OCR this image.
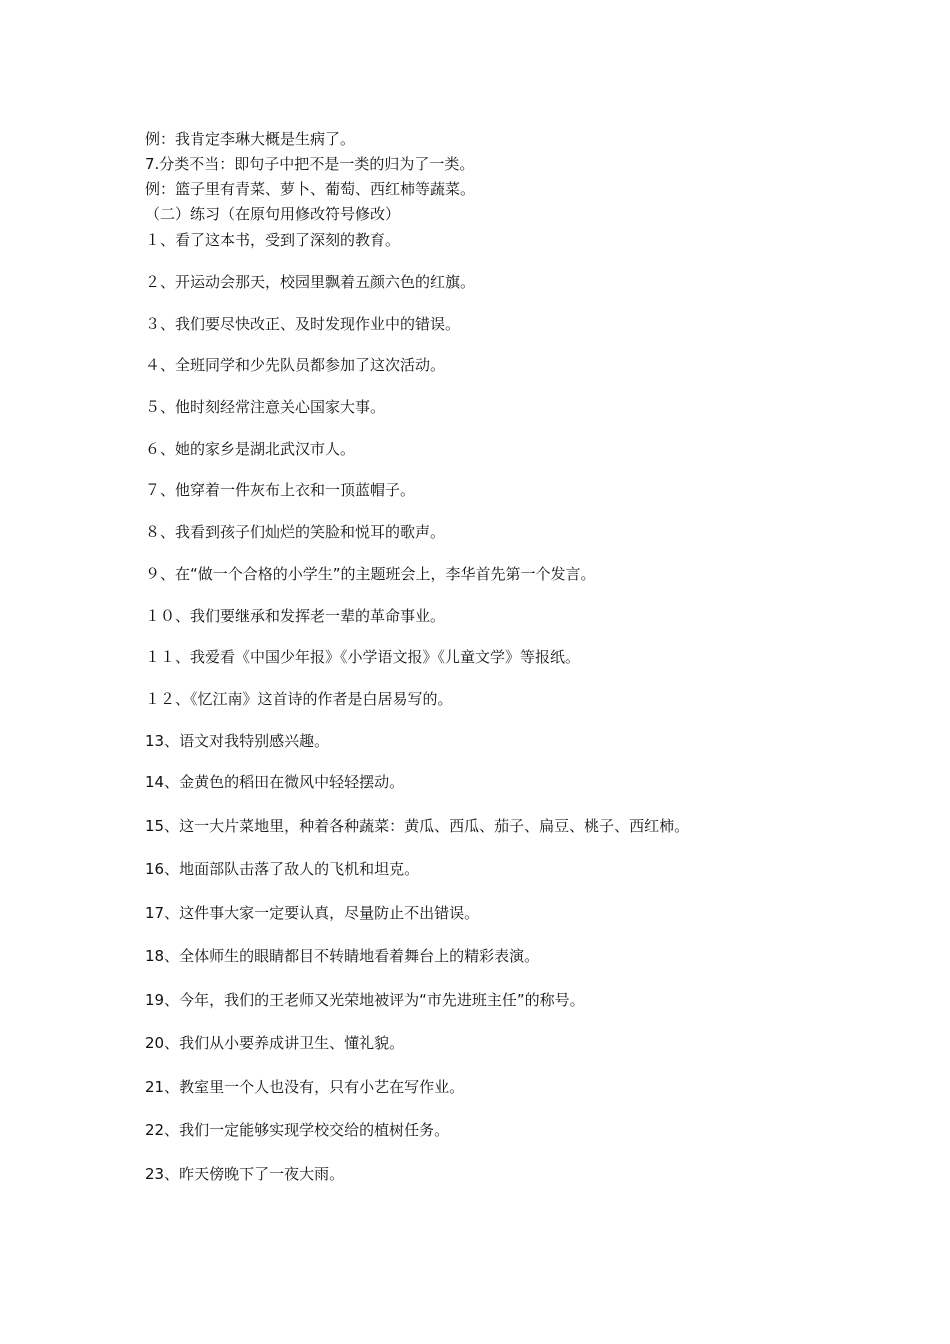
例：我肯定李琳大概是生病了。
7.分类不当：即句子中把不是一类的归为了一类。
例：篮子里有青菜、萝卜、葡萄、西红柿等蔬菜。
（二）练习（在原句用修改符号修改）
１、看了这本书，受到了深刻的教育。
２、开运动会那天，校园里飘着五颜六色的红旗。
３、我们要尽快改正、及时发现作业中的错误。
４、全班同学和少先队员都参加了这次活动。
５、他时刻经常注意关心国家大事。
６、她的家乡是湖北武汉市人。
７、他穿着一件灰布上衣和一顶蓝帽子。
８、我看到孩子们灿烂的笑脸和悦耳的歌声。
９、在“做一个合格的小学生”的主题班会上，李华首先第一个发言。
１０、我们要继承和发挥老一辈的革命事业。
１１、我爱看《中国少年报》《小学语文报》《儿童文学》等报纸。
１２、《忆江南》这首诗的作者是白居易写的。
13、语文对我特别感兴趣。
14、金黄色的稻田在微风中轻轻摆动。
15、这一大片菜地里，种着各种蔬菜：黄瓜、西瓜、茄子、扁豆、桃子、西红柿。
16、地面部队击落了敌人的飞机和坦克。
17、这件事大家一定要认真，尽量防止不出错误。
18、全体师生的眼睛都目不转睛地看着舞台上的精彩表演。
19、今年，我们的王老师又光荣地被评为“市先进班主任”的称号。
20、我们从小要养成讲卫生、懂礼貌。
21、教室里一个人也没有，只有小艺在写作业。
22、我们一定能够实现学校交给的植树任务。
23、昨天傍晚下了一夜大雨。
